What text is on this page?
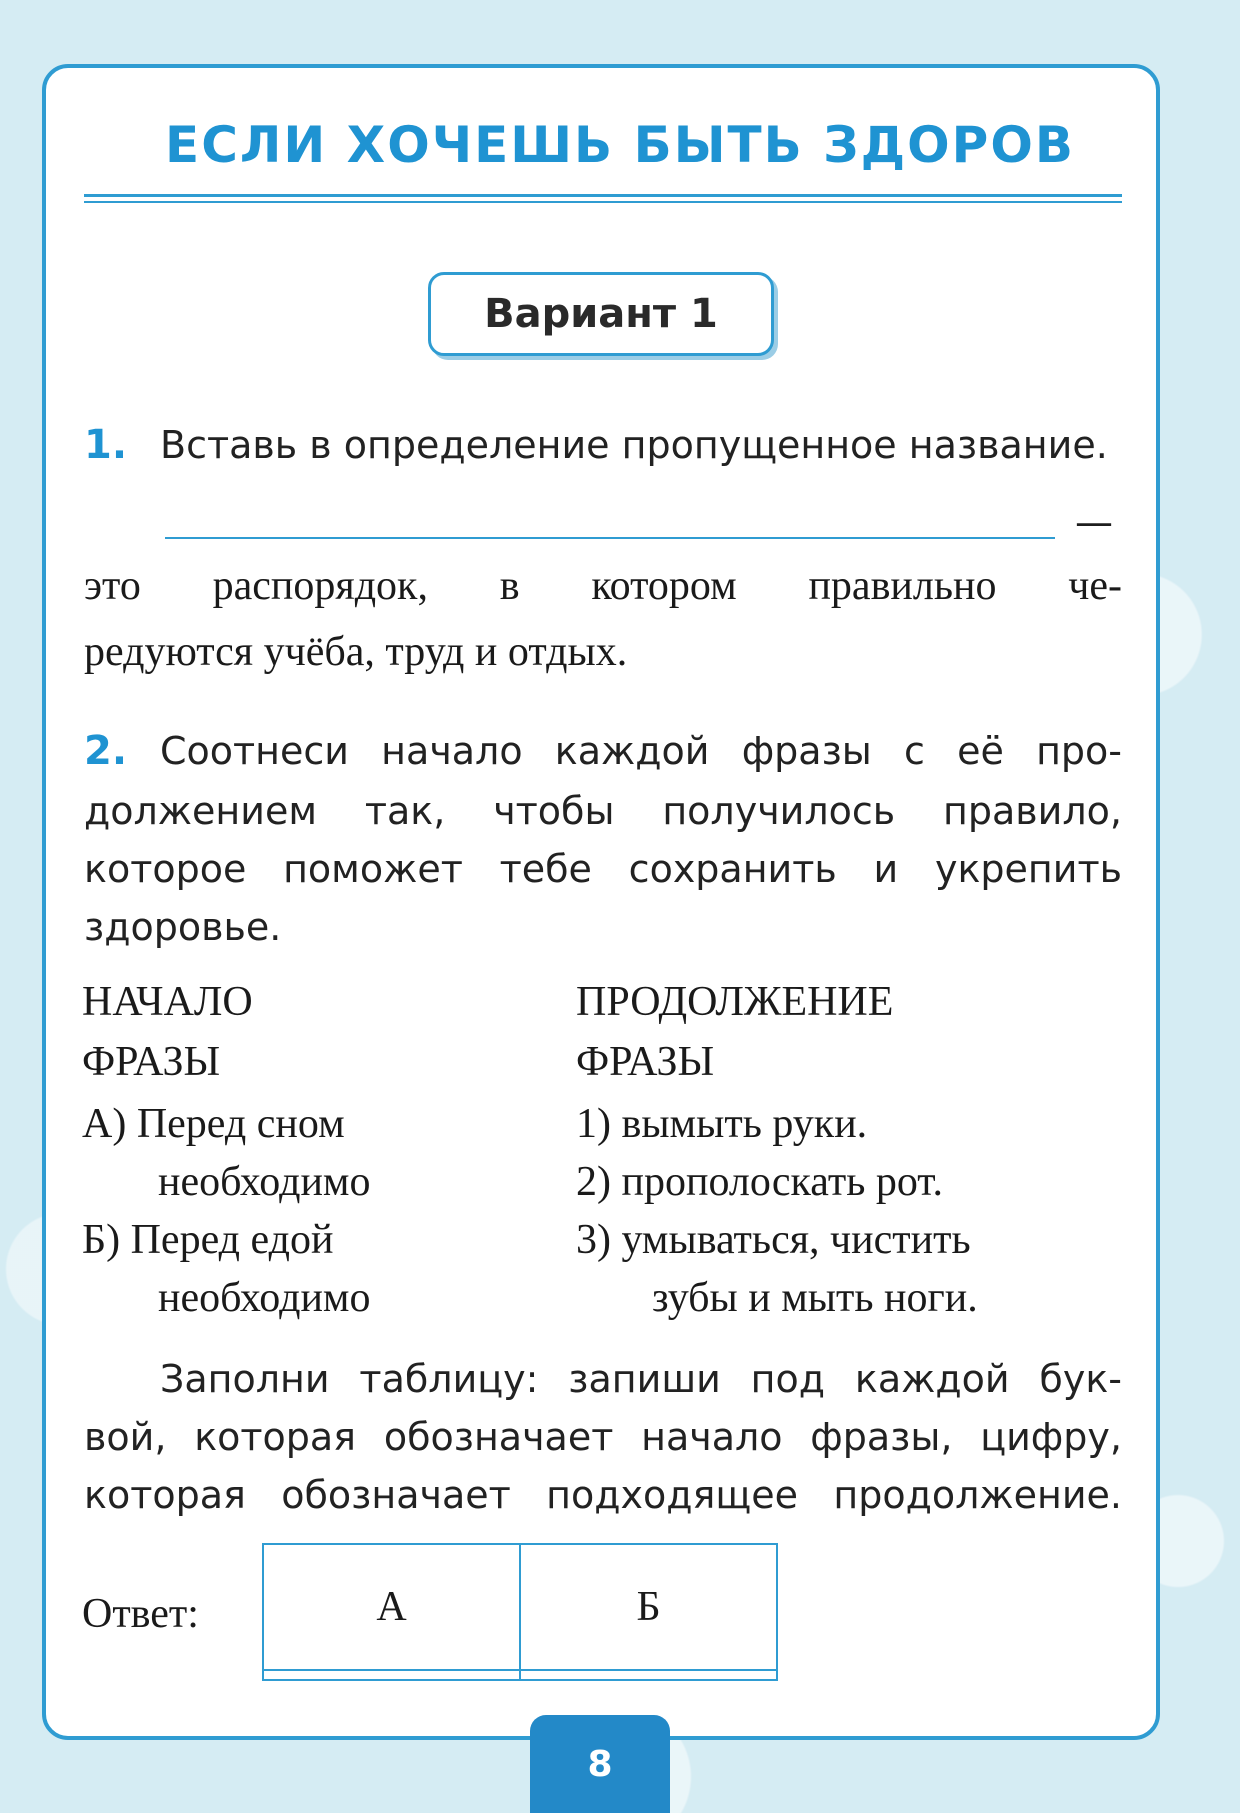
ЕСЛИ ХОЧЕШЬ БЫТЬ ЗДОРОВ
Вариант 1
1. Вставь в определение пропущенное название.
—
это распорядок, в котором правильно че-
редуются учёба, труд и отдых.
2. Соотнеси начало каждой фразы с её про-
должением так, чтобы получилось правило,
которое поможет тебе сохранить и укрепить
здоровье.
НАЧАЛО
ФРАЗЫ
ПРОДОЛЖЕНИЕ
ФРАЗЫ
А) Перед сном
необходимо
Б) Перед едой
необходимо
1) вымыть руки.
2) прополоскать рот.
3) умываться, чистить
зубы и мыть ноги.
Заполни таблицу: запиши под каждой бук-
вой, которая обозначает начало фразы, цифру,
которая обозначает подходящее продолжение.
Ответ:	А	Б

8
